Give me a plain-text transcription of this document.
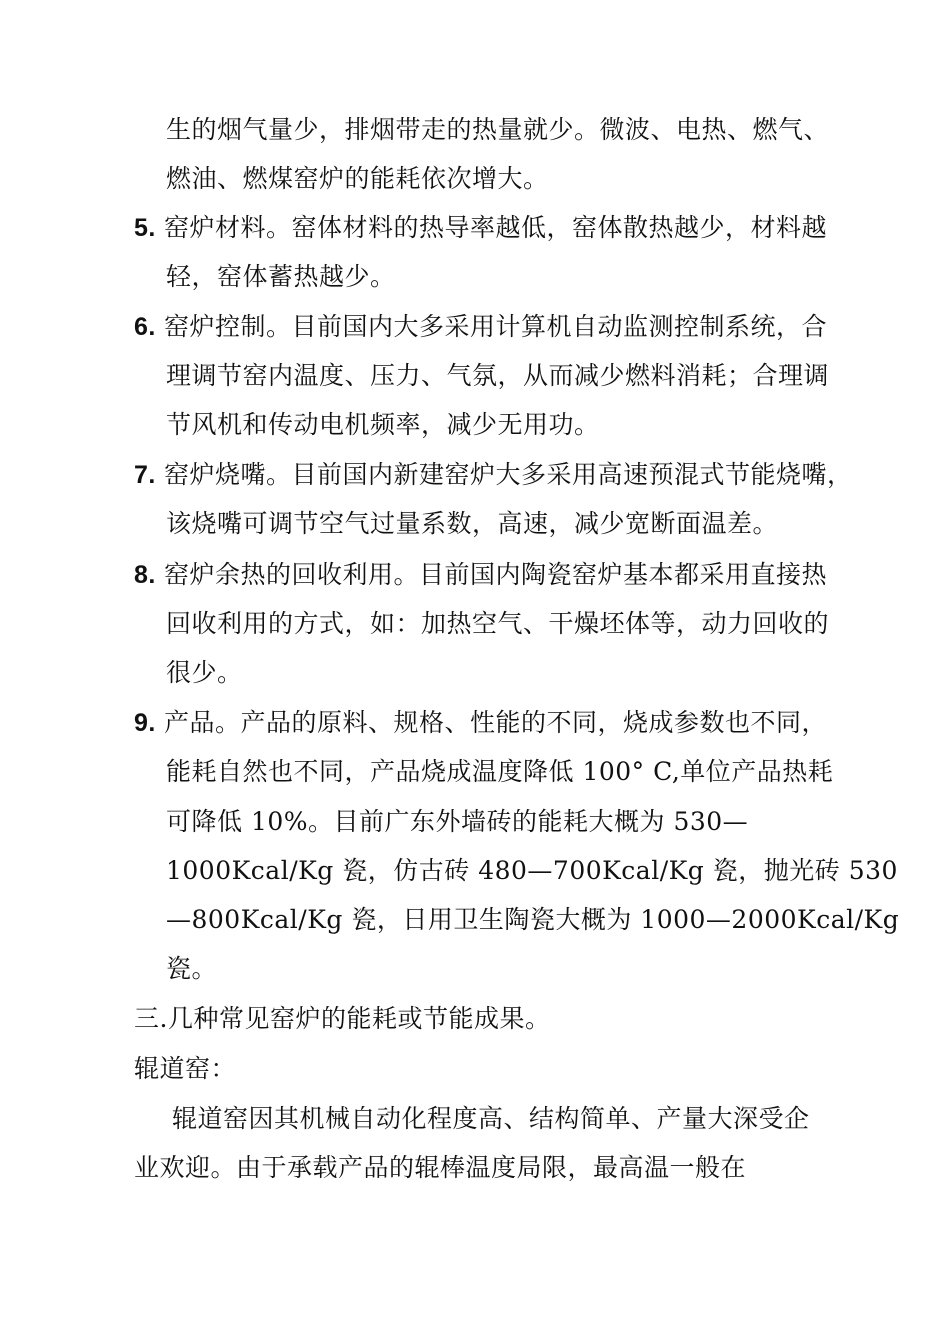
生的烟气量少，排烟带走的热量就少。微波、电热、燃气、
燃油、燃煤窑炉的能耗依次增大。
5. 窑炉材料。窑体材料的热导率越低，窑体散热越少，材料越
轻，窑体蓄热越少。
6. 窑炉控制。目前国内大多采用计算机自动监测控制系统，合
理调节窑内温度、压力、气氛，从而减少燃料消耗；合理调
节风机和传动电机频率，减少无用功。
7. 窑炉烧嘴。目前国内新建窑炉大多采用高速预混式节能烧嘴，
该烧嘴可调节空气过量系数，高速，减少宽断面温差。
8. 窑炉余热的回收利用。目前国内陶瓷窑炉基本都采用直接热
回收利用的方式，如：加热空气、干燥坯体等，动力回收的
很少。
9. 产品。产品的原料、规格、性能的不同，烧成参数也不同，
能耗自然也不同，产品烧成温度降低 100° C,单位产品热耗
可降低 10%。目前广东外墙砖的能耗大概为 530—
1000Kcal/Kg 瓷，仿古砖 480—700Kcal/Kg 瓷，抛光砖 530
—800Kcal/Kg 瓷，日用卫生陶瓷大概为 1000—2000Kcal/Kg
瓷。
三.几种常见窑炉的能耗或节能成果。
辊道窑：
辊道窑因其机械自动化程度高、结构简单、产量大深受企
业欢迎。由于承载产品的辊棒温度局限，最高温一般在
